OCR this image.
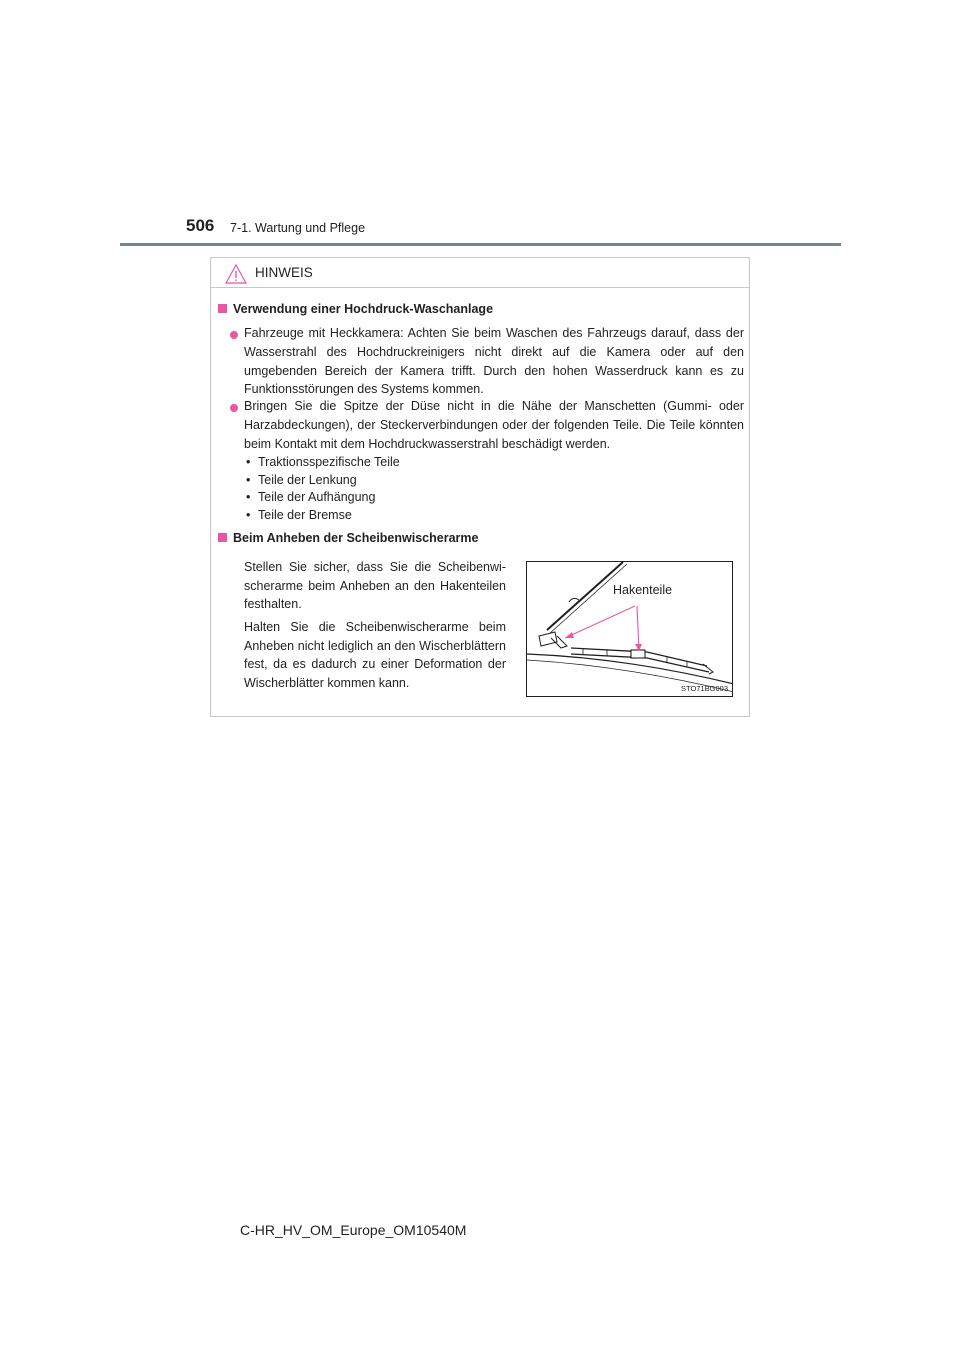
506 7-1. Wartung und Pflege
HINWEIS
Verwendung einer Hochdruck-Waschanlage
Fahrzeuge mit Heckkamera: Achten Sie beim Waschen des Fahrzeugs darauf, dass der Wasserstrahl des Hochdruckreinigers nicht direkt auf die Kamera oder auf den umgebenden Bereich der Kamera trifft. Durch den hohen Wasserdruck kann es zu Funktionsstörungen des Systems kommen.
Bringen Sie die Spitze der Düse nicht in die Nähe der Manschetten (Gummi- oder Harzabdeckungen), der Steckerverbindungen oder der folgenden Teile. Die Teile könnten beim Kontakt mit dem Hochdruckwasserstrahl beschädigt werden.
• Traktionsspezifische Teile
• Teile der Lenkung
• Teile der Aufhängung
• Teile der Bremse
Beim Anheben der Scheibenwischerarme
Stellen Sie sicher, dass Sie die Scheibenwischerarme beim Anheben an den Hakenteilen festhalten.
Halten Sie die Scheibenwischerarme beim Anheben nicht lediglich an den Wischerblättern fest, da es dadurch zu einer Deformation der Wischerblätter kommen kann.
Hakenteile
STO71BG003
C-HR_HV_OM_Europe_OM10540M
